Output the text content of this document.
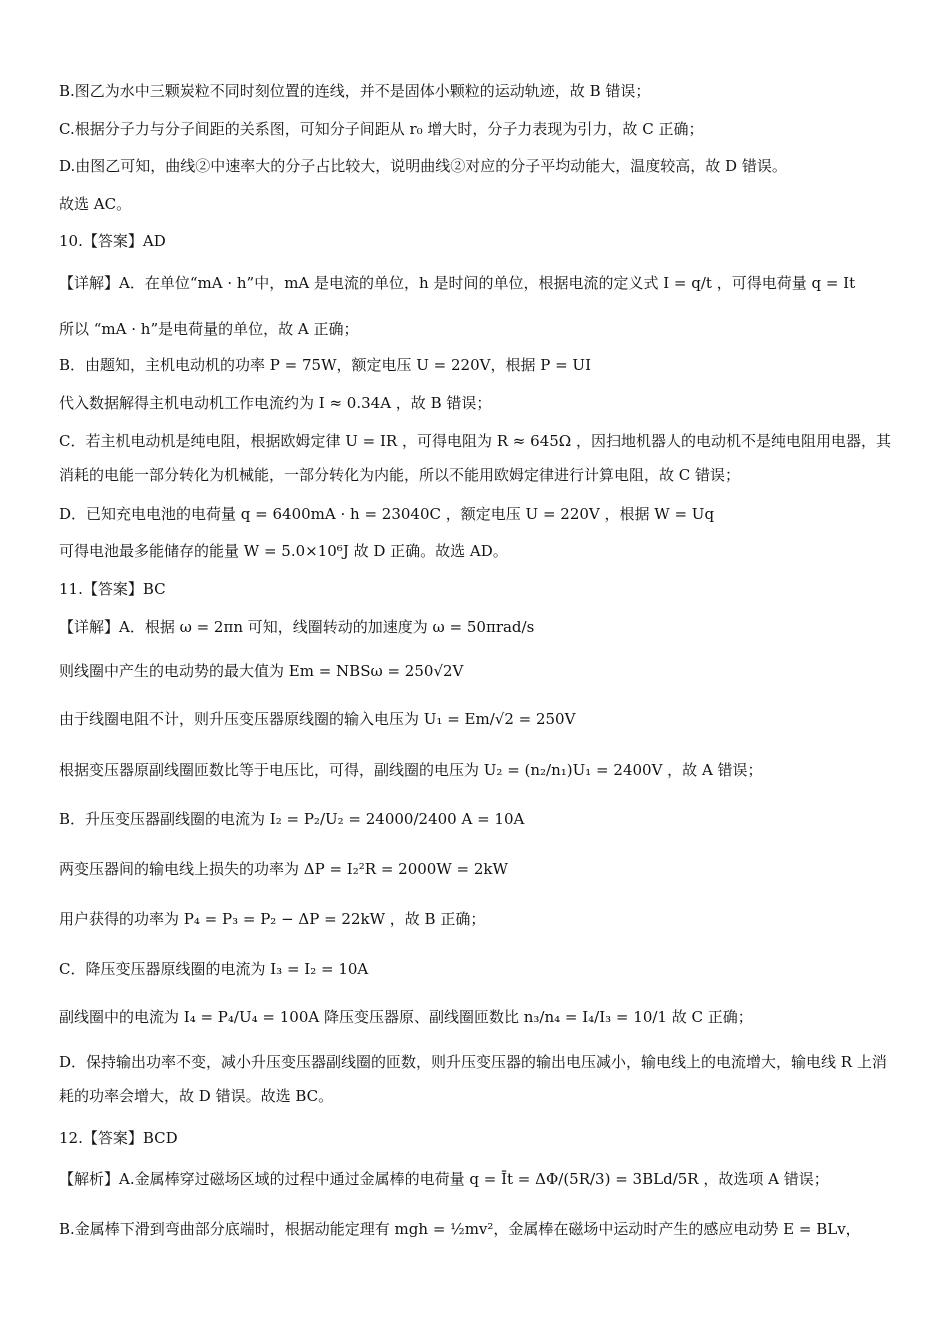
B.图乙为水中三颗炭粒不同时刻位置的连线，并不是固体小颗粒的运动轨迹，故 B 错误；
C.根据分子力与分子间距的关系图，可知分子间距从 r₀ 增大时，分子力表现为引力，故 C 正确；
D.由图乙可知，曲线②中速率大的分子占比较大，说明曲线②对应的分子平均动能大，温度较高，故 D 错误。
故选 AC。
10.【答案】AD
【详解】A．在单位“mA · h”中，mA 是电流的单位，h 是时间的单位，根据电流的定义式 I = q/t ，可得电荷量 q = It
所以 “mA · h”是电荷量的单位，故 A 正确；
B．由题知，主机电动机的功率 P = 75W，额定电压 U = 220V，根据 P = UI
代入数据解得主机电动机工作电流约为 I ≈ 0.34A ，故 B 错误；
C．若主机电动机是纯电阻，根据欧姆定律 U = IR ，可得电阻为 R ≈ 645Ω ，因扫地机器人的电动机不是纯电阻用电器，其消耗的电能一部分转化为机械能，一部分转化为内能，所以不能用欧姆定律进行计算电阻，故 C 错误；
D．已知充电电池的电荷量 q = 6400mA · h = 23040C ，额定电压 U = 220V ，根据 W = Uq
可得电池最多能储存的能量 W = 5.0×10⁶J 故 D 正确。故选 AD。
11.【答案】BC
【详解】A．根据 ω = 2πn 可知，线圈转动的加速度为 ω = 50πrad/s
则线圈中产生的电动势的最大值为 Em = NBSω = 250√2V
由于线圈电阻不计，则升压变压器原线圈的输入电压为 U₁ = Em/√2 = 250V
根据变压器原副线圈匝数比等于电压比，可得，副线圈的电压为 U₂ = (n₂/n₁)U₁ = 2400V ，故 A 错误；
B．升压变压器副线圈的电流为 I₂ = P₂/U₂ = 24000/2400 A = 10A
两变压器间的输电线上损失的功率为 ΔP = I₂²R = 2000W = 2kW
用户获得的功率为 P₄ = P₃ = P₂ − ΔP = 22kW ，故 B 正确；
C．降压变压器原线圈的电流为 I₃ = I₂ = 10A
副线圈中的电流为 I₄ = P₄/U₄ = 100A 降压变压器原、副线圈匝数比 n₃/n₄ = I₄/I₃ = 10/1 故 C 正确；
D．保持输出功率不变，减小升压变压器副线圈的匝数，则升压变压器的输出电压减小，输电线上的电流增大，输电线 R 上消耗的功率会增大，故 D 错误。故选 BC。
12.【答案】BCD
【解析】A.金属棒穿过磁场区域的过程中通过金属棒的电荷量 q = Īt = ΔΦ/(5R/3) = 3BLd/5R ，故选项 A 错误；
B.金属棒下滑到弯曲部分底端时，根据动能定理有 mgh = ½mv²，金属棒在磁场中运动时产生的感应电动势 E = BLv，
